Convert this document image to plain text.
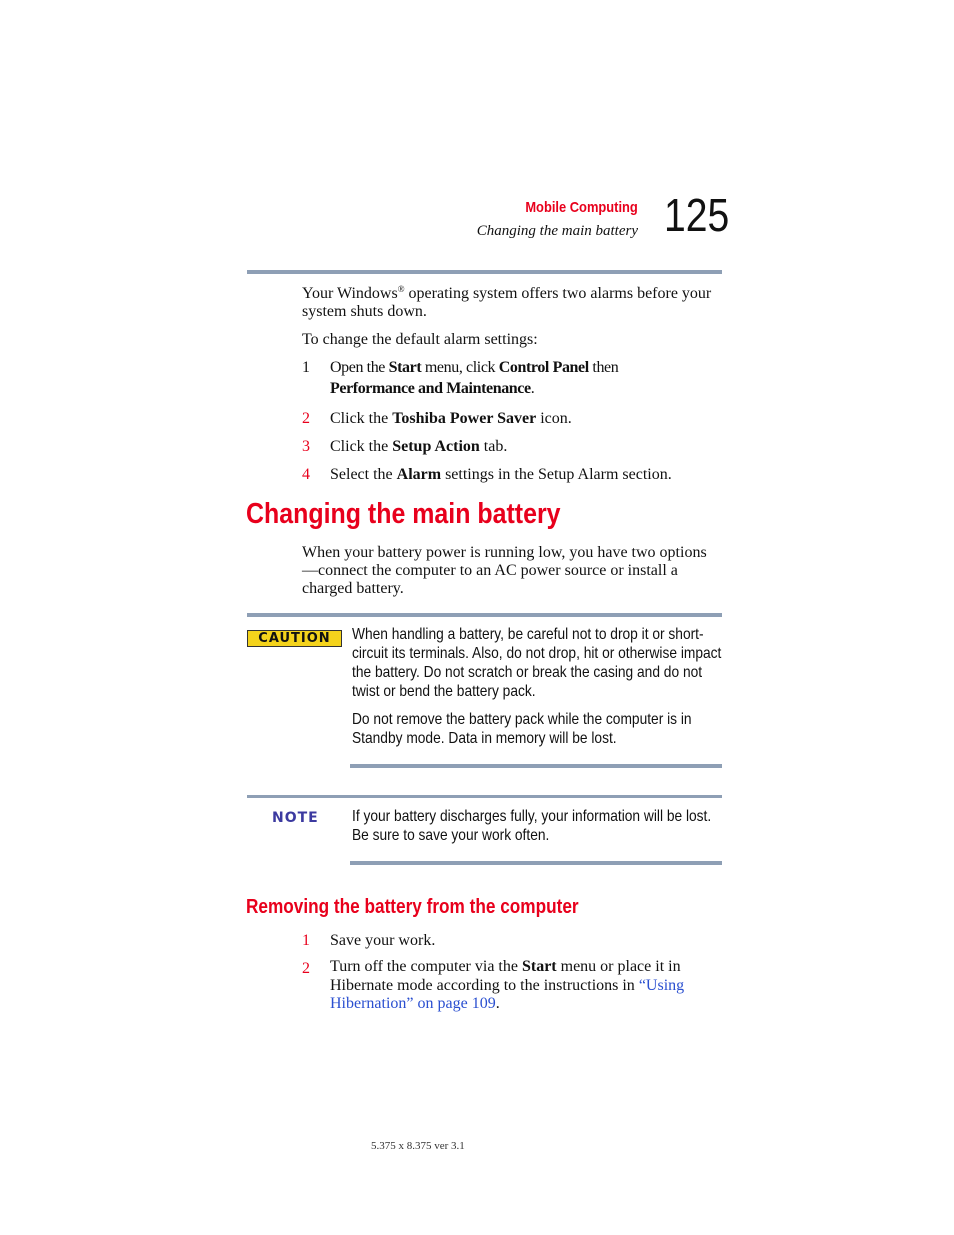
Mobile Computing
Changing the main battery 125
Your Windows® operating system offers two alarms before your system shuts down.
To change the default alarm settings:
1 Open the Start menu, click Control Panel then
Performance and Maintenance.
2 Click the Toshiba Power Saver icon.
3 Click the Setup Action tab.
4 Select the Alarm settings in the Setup Alarm section.
Changing the main battery
When your battery power is running low, you have two options—connect the computer to an AC power source or install a charged battery.
CAUTION	When handling a battery, be careful not to drop it or short-circuit its terminals. Also, do not drop, hit or otherwise impact the battery. Do not scratch or break the casing and do not twist or bend the battery pack.
Do not remove the battery pack while the computer is in Standby mode. Data in memory will be lost.
NOTE If your battery discharges fully, your information will be lost. Be sure to save your work often.
Removing the battery from the computer
1 Save your work.
2 Turn off the computer via the Start menu or place it in Hibernate mode according to the instructions in “Using Hibernation” on page 109.
5.375 x 8.375 ver 3.1
